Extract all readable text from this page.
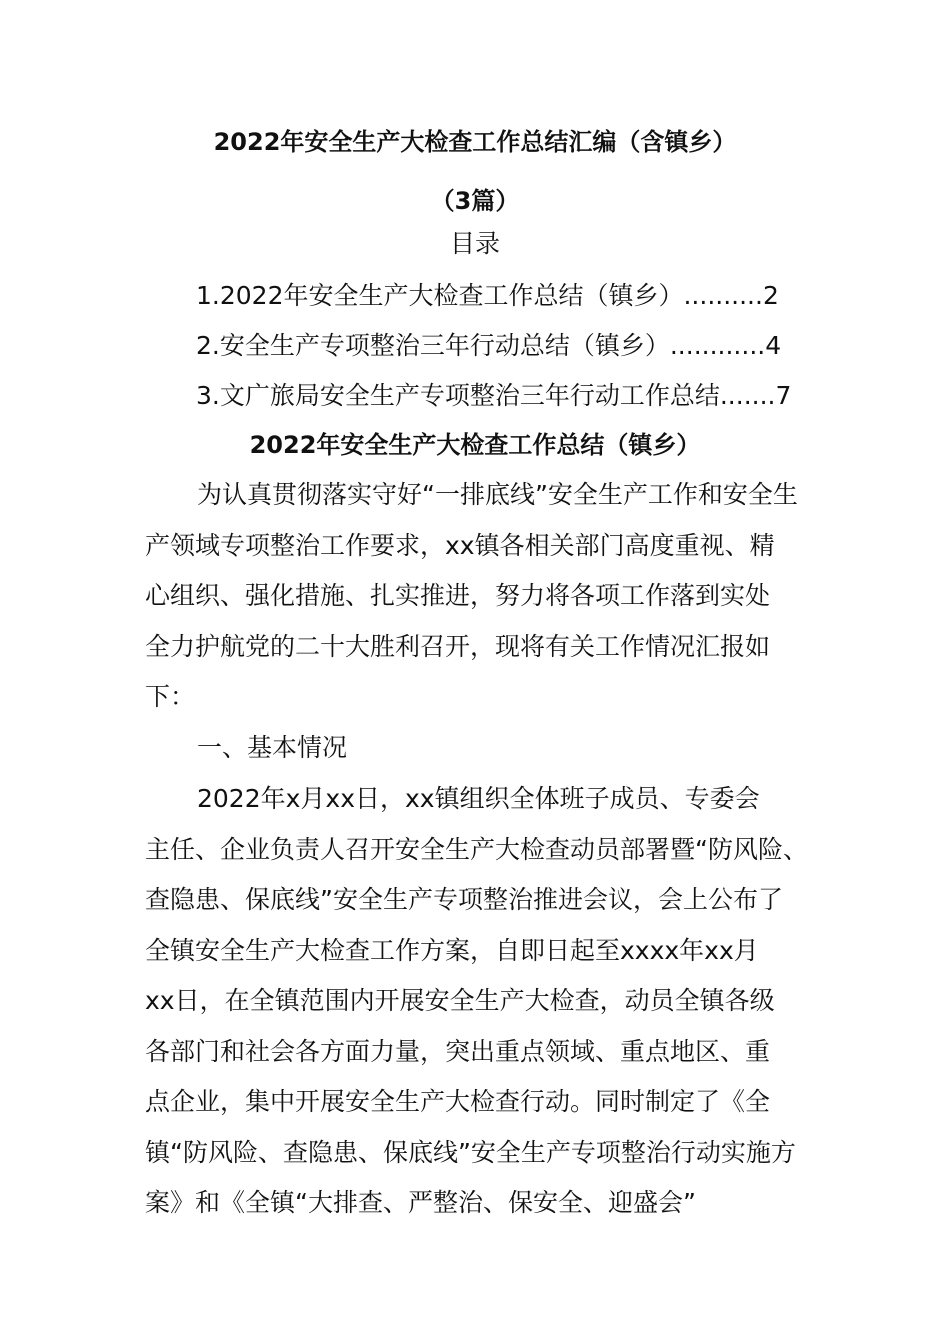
2022年安全生产大检查工作总结汇编（含镇乡）
（3篇）
目录
1.2022年安全生产大检查工作总结（镇乡）..........2
2.安全生产专项整治三年行动总结（镇乡）............4
3.文广旅局安全生产专项整治三年行动工作总结.......7
2022年安全生产大检查工作总结（镇乡）
为认真贯彻落实守好“一排底线”安全生产工作和安全生
产领域专项整治工作要求，xx镇各相关部门高度重视、精
心组织、强化措施、扎实推进，努力将各项工作落到实处
全力护航党的二十大胜利召开，现将有关工作情况汇报如
下：
一、基本情况
2022年x月xx日，xx镇组织全体班子成员、专委会
主任、企业负责人召开安全生产大检查动员部署暨“防风险、
查隐患、保底线”安全生产专项整治推进会议，会上公布了
全镇安全生产大检查工作方案，自即日起至xxxx年xx月
xx日，在全镇范围内开展安全生产大检查，动员全镇各级
各部门和社会各方面力量，突出重点领域、重点地区、重
点企业，集中开展安全生产大检查行动。同时制定了《全
镇“防风险、查隐患、保底线”安全生产专项整治行动实施方
案》和《全镇“大排查、严整治、保安全、迎盛会”
